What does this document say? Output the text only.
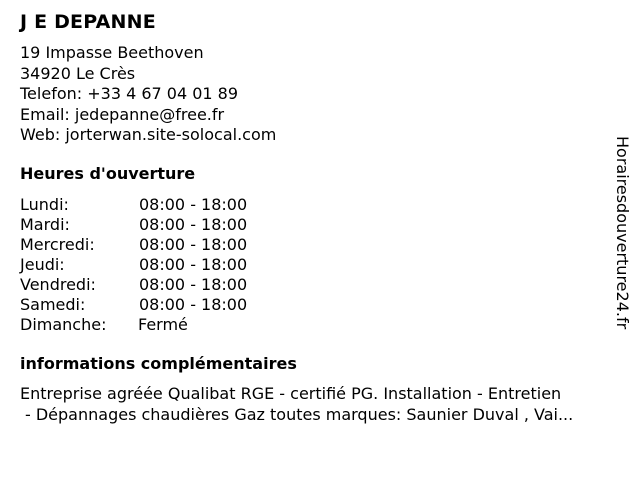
J E DEPANNE
19 Impasse Beethoven
34920 Le Crès
Telefon: +33 4 67 04 01 89
Email: jedepanne@free.fr
Web: jorterwan.site-solocal.com
Heures d'ouverture
Lundi:	08:00 - 18:00
Mardi:	08:00 - 18:00
Mercredi:	08:00 - 18:00
Jeudi:	08:00 - 18:00
Vendredi:	08:00 - 18:00
Samedi:	08:00 - 18:00
Dimanche: Fermé
informations complémentaires
Entreprise agréée Qualibat RGE - certifié PG. Installation - Entretien
- Dépannages chaudières Gaz toutes marques: Saunier Duval , Vai...
Horairesdouverture24.fr
